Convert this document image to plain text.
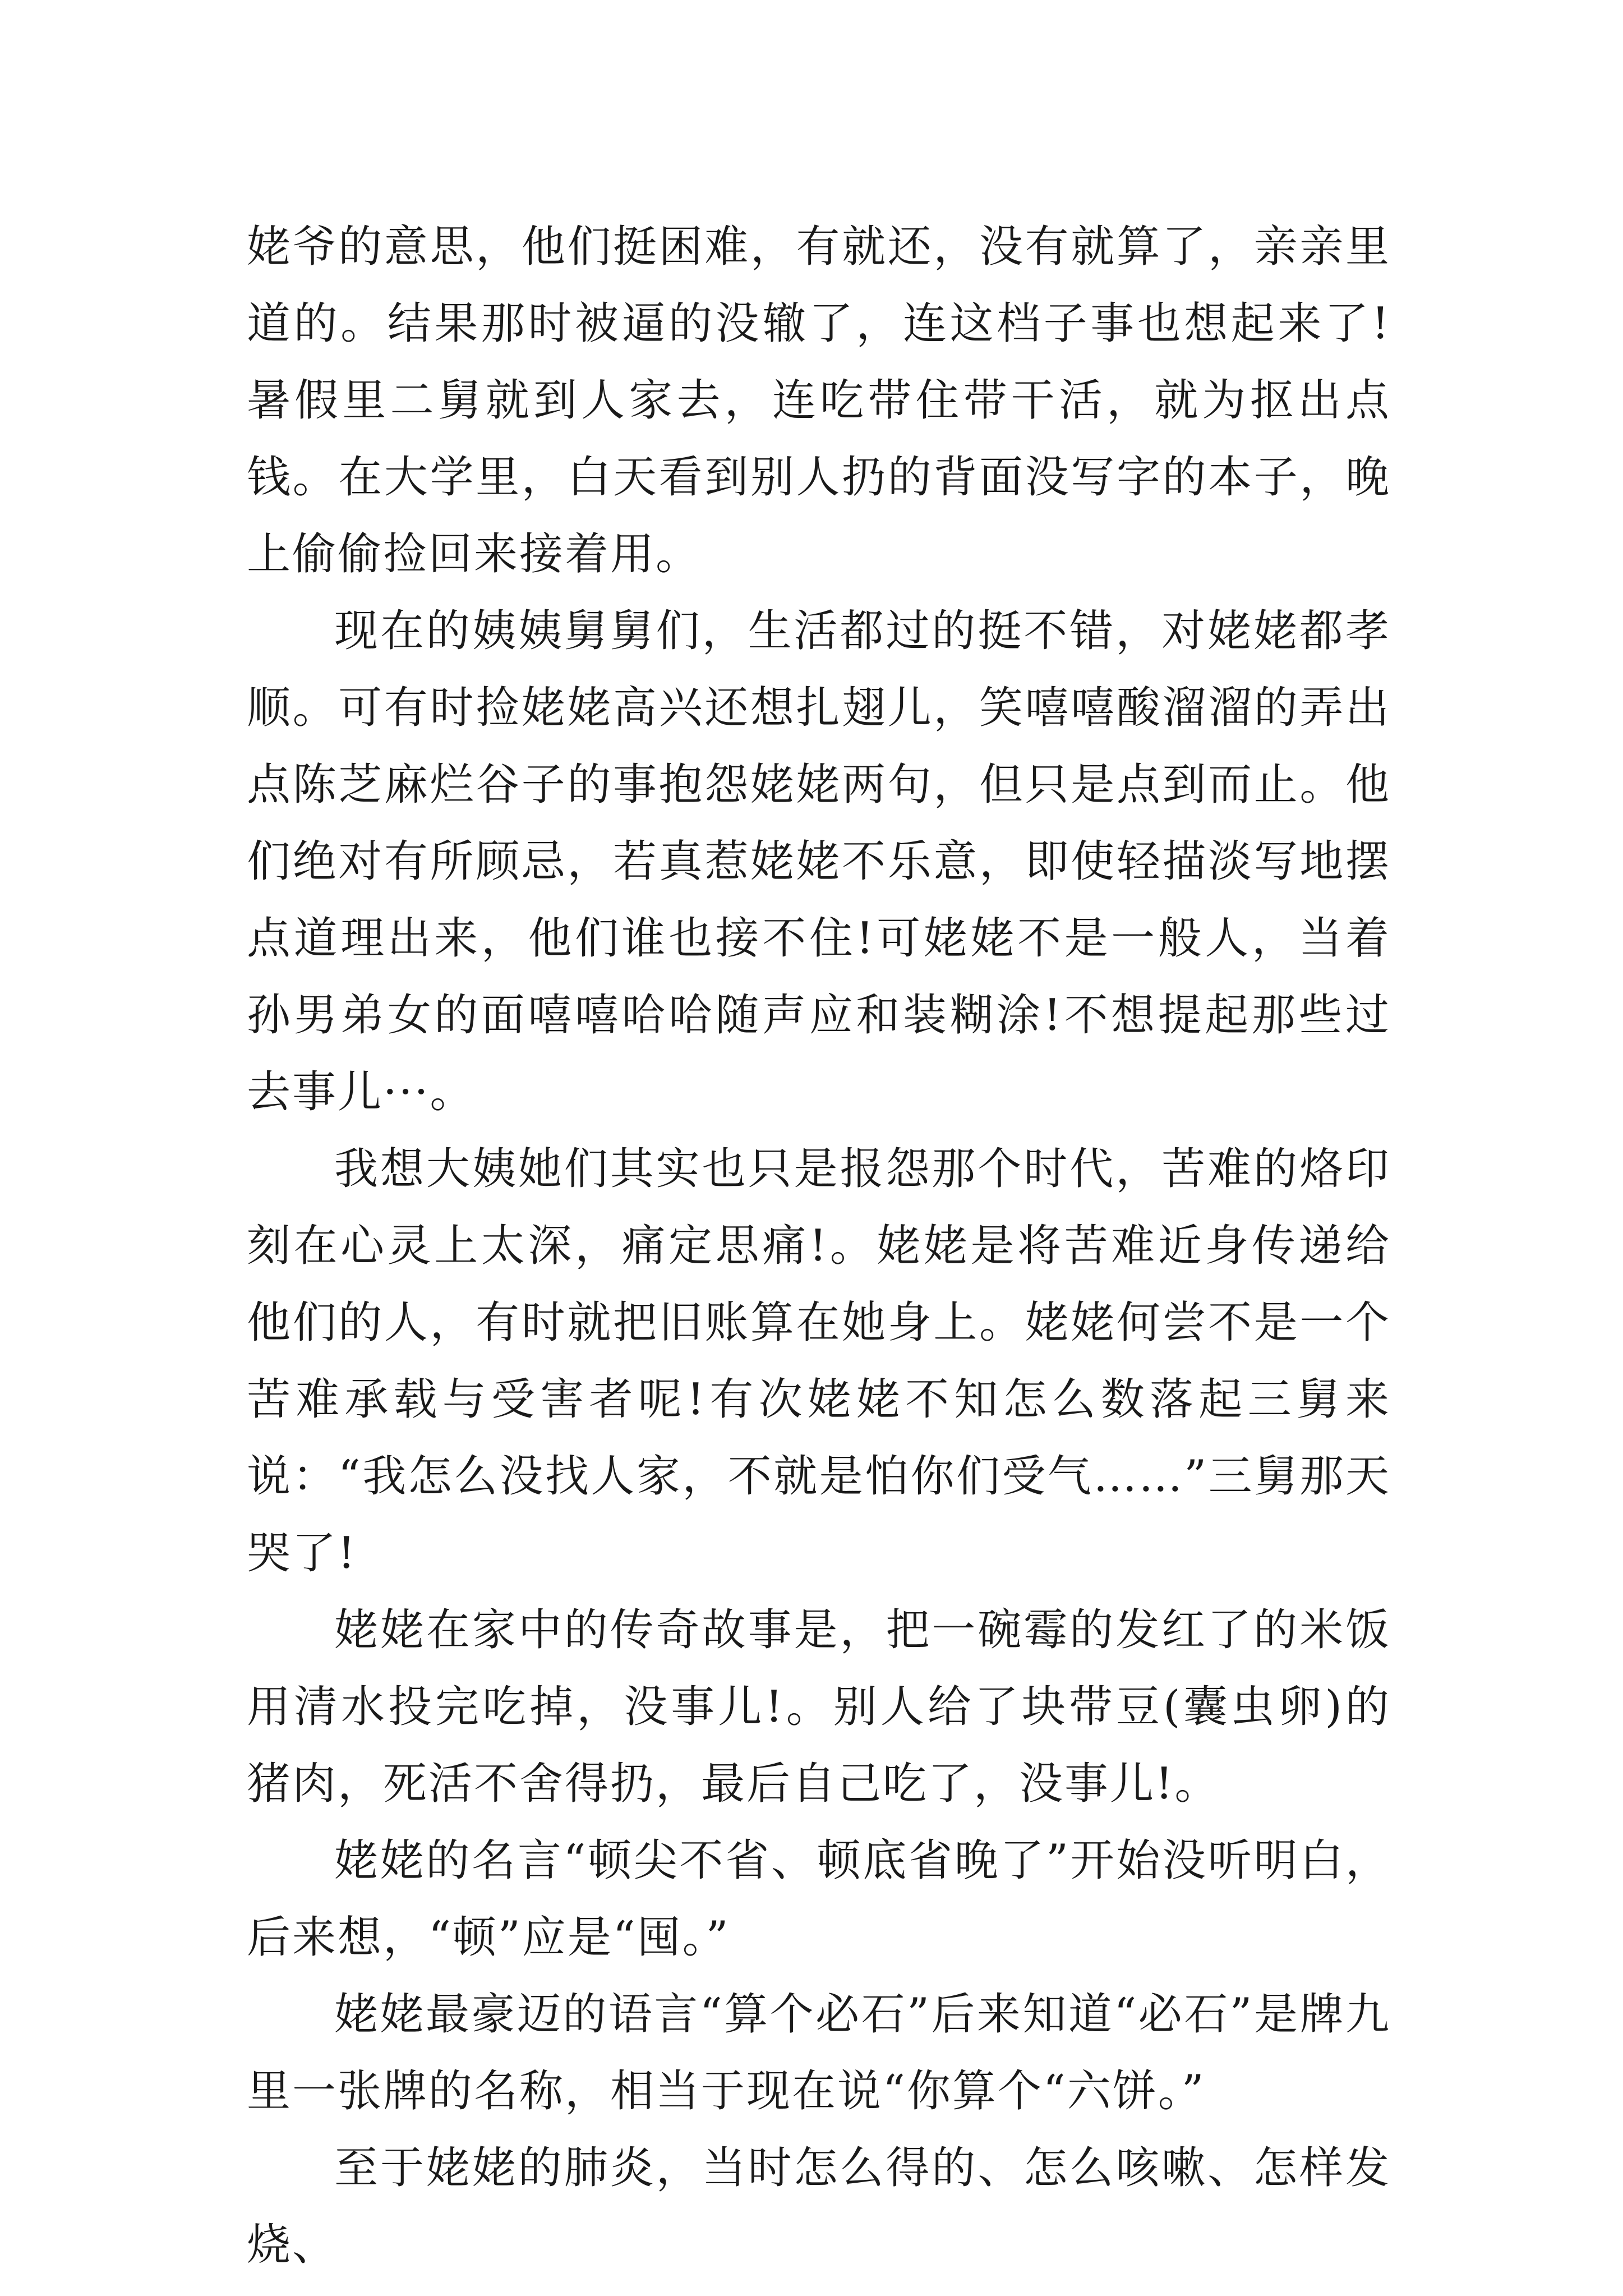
姥爷的意思，他们挺困难，有就还，没有就算了，亲亲里道的。结果那时被逼的没辙了，连这档子事也想起来了!暑假里二舅就到人家去，连吃带住带干活，就为抠出点钱。在大学里，白天看到别人扔的背面没写字的本子，晚上偷偷捡回来接着用。

现在的姨姨舅舅们，生活都过的挺不错，对姥姥都孝顺。可有时捡姥姥高兴还想扎翅儿，笑嘻嘻酸溜溜的弄出点陈芝麻烂谷子的事抱怨姥姥两句，但只是点到而止。他们绝对有所顾忌，若真惹姥姥不乐意，即使轻描淡写地摆点道理出来，他们谁也接不住!可姥姥不是一般人，当着孙男弟女的面嘻嘻哈哈随声应和装糊涂!不想提起那些过去事儿···。

我想大姨她们其实也只是报怨那个时代，苦难的烙印刻在心灵上太深，痛定思痛!。姥姥是将苦难近身传递给他们的人，有时就把旧账算在她身上。姥姥何尝不是一个苦难承载与受害者呢!有次姥姥不知怎么数落起三舅来说：“我怎么没找人家，不就是怕你们受气……”三舅那天哭了!

姥姥在家中的传奇故事是，把一碗霉的发红了的米饭用清水投完吃掉，没事儿!。别人给了块带豆(囊虫卵)的猪肉，死活不舍得扔，最后自己吃了，没事儿!。

姥姥的名言“顿尖不省、顿底省晚了”开始没听明白，后来想，“顿”应是“囤。”

姥姥最豪迈的语言“算个必石”后来知道“必石”是牌九里一张牌的名称，相当于现在说“你算个“六饼。”

至于姥姥的肺炎，当时怎么得的、怎么咳嗽、怎样发烧、
